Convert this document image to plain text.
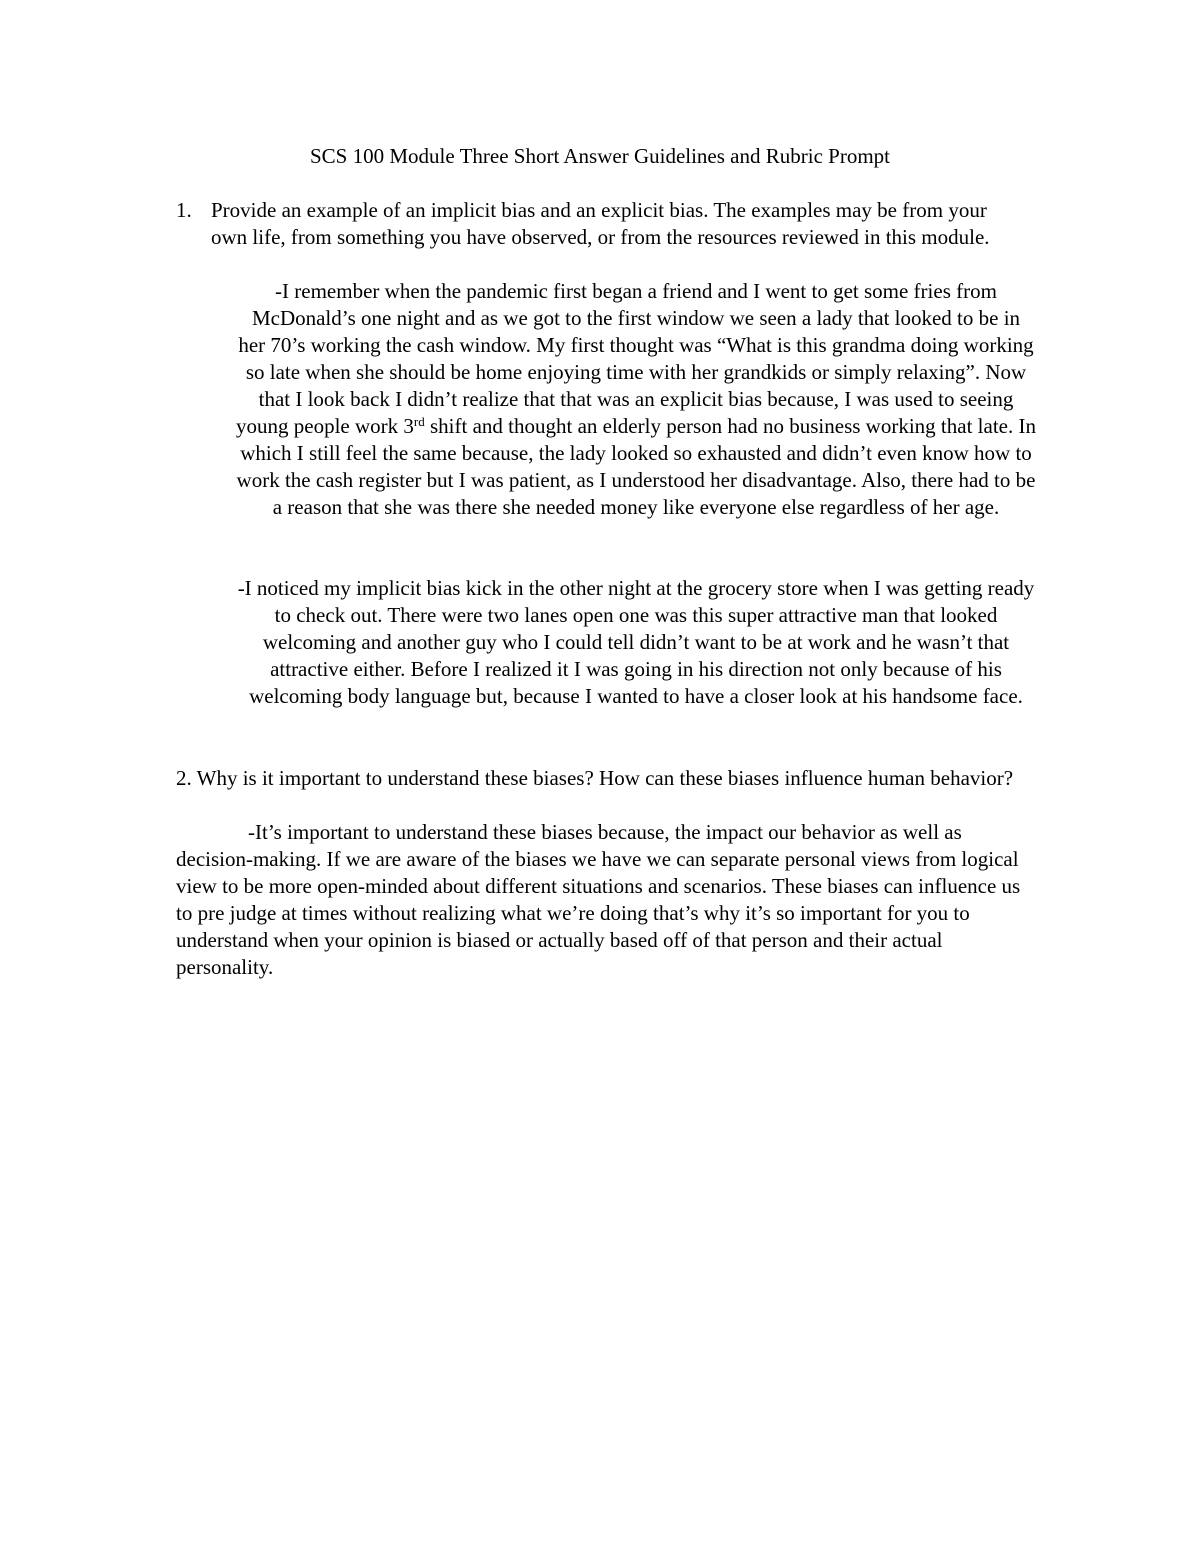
SCS 100 Module Three Short Answer Guidelines and Rubric Prompt
1. Provide an example of an implicit bias and an explicit bias. The examples may be from your own life, from something you have observed, or from the resources reviewed in this module.
-I remember when the pandemic first began a friend and I went to get some fries from McDonald’s one night and as we got to the first window we seen a lady that looked to be in her 70’s working the cash window. My first thought was “What is this grandma doing working so late when she should be home enjoying time with her grandkids or simply relaxing”. Now that I look back I didn’t realize that that was an explicit bias because, I was used to seeing young people work 3rd shift and thought an elderly person had no business working that late. In which I still feel the same because, the lady looked so exhausted and didn’t even know how to work the cash register but I was patient, as I understood her disadvantage. Also, there had to be a reason that she was there she needed money like everyone else regardless of her age.
-I noticed my implicit bias kick in the other night at the grocery store when I was getting ready to check out. There were two lanes open one was this super attractive man that looked welcoming and another guy who I could tell didn’t want to be at work and he wasn’t that attractive either. Before I realized it I was going in his direction not only because of his welcoming body language but, because I wanted to have a closer look at his handsome face.
2. Why is it important to understand these biases? How can these biases influence human behavior?
-It’s important to understand these biases because, the impact our behavior as well as decision-making. If we are aware of the biases we have we can separate personal views from logical view to be more open-minded about different situations and scenarios. These biases can influence us to pre judge at times without realizing what we’re doing that’s why it’s so important for you to understand when your opinion is biased or actually based off of that person and their actual personality.
